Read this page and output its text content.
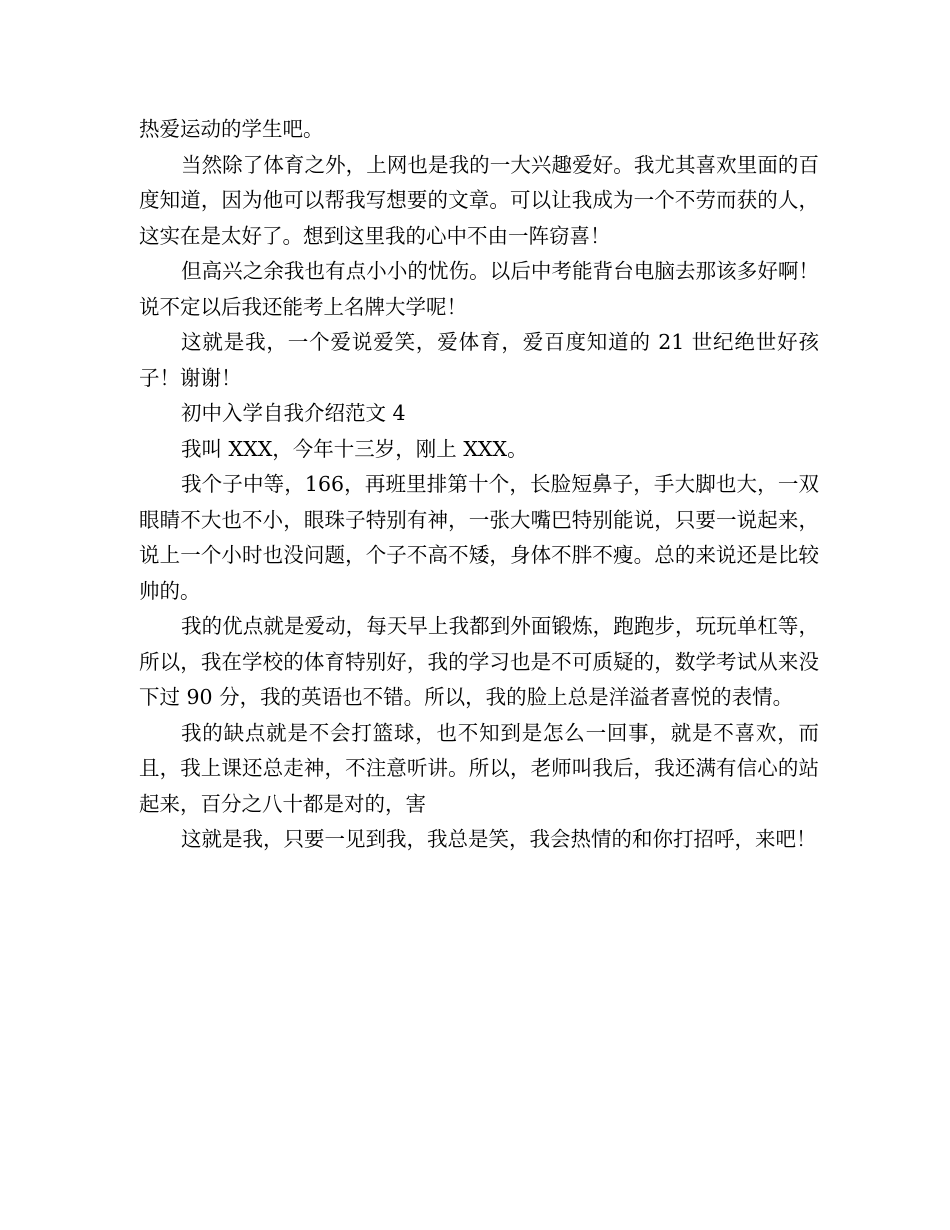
热爱运动的学生吧。

当然除了体育之外，上网也是我的一大兴趣爱好。我尤其喜欢里面的百度知道，因为他可以帮我写想要的文章。可以让我成为一个不劳而获的人，这实在是太好了。想到这里我的心中不由一阵窃喜！

但高兴之余我也有点小小的忧伤。以后中考能背台电脑去那该多好啊！说不定以后我还能考上名牌大学呢！

这就是我，一个爱说爱笑，爱体育，爱百度知道的 21 世纪绝世好孩子！谢谢！

初中入学自我介绍范文 4

我叫 XXX，今年十三岁，刚上 XXX。

我个子中等，166，再班里排第十个，长脸短鼻子，手大脚也大，一双眼睛不大也不小，眼珠子特别有神，一张大嘴巴特别能说，只要一说起来，说上一个小时也没问题，个子不高不矮，身体不胖不瘦。总的来说还是比较帅的。

我的优点就是爱动，每天早上我都到外面锻炼，跑跑步，玩玩单杠等， 所以，我在学校的体育特别好，我的学习也是不可质疑的，数学考试从来没下过 90 分，我的英语也不错。所以，我的脸上总是洋溢者喜悦的表情。

我的缺点就是不会打篮球，也不知到是怎么一回事，就是不喜欢，而且，我上课还总走神，不注意听讲。所以，老师叫我后，我还满有信心的站起来，百分之八十都是对的，害

这就是我，只要一见到我，我总是笑，我会热情的和你打招呼，来吧！
